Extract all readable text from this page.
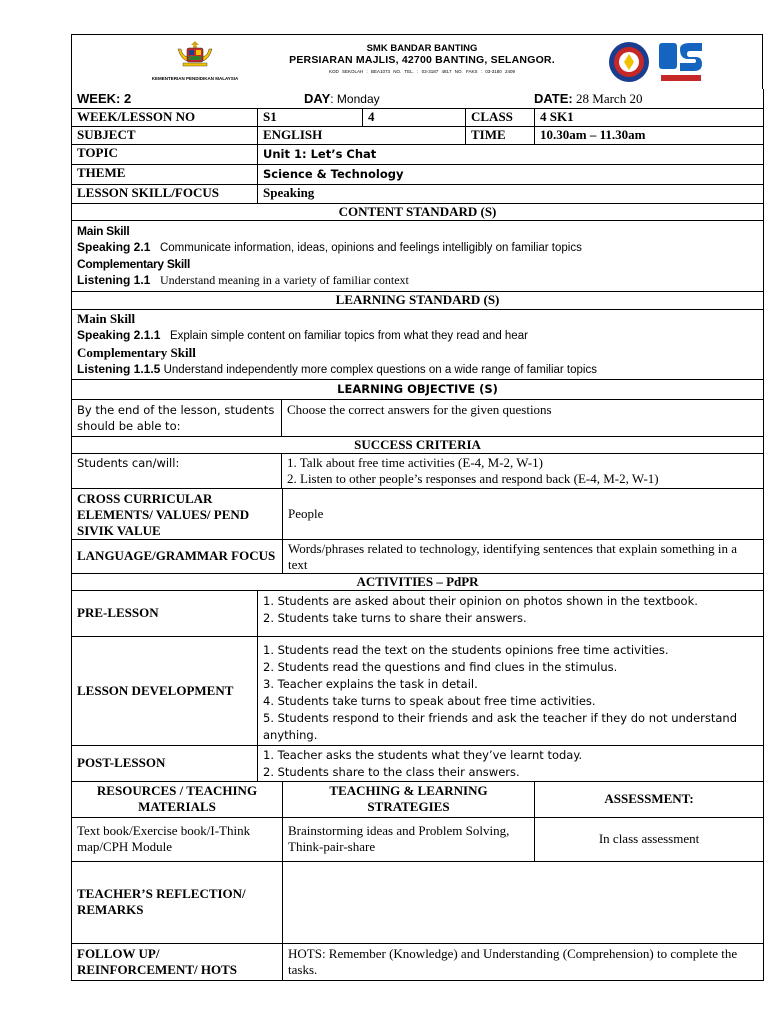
KEMENTERIAN PENDIDIKAN MALAYSIA
SMK BANDAR BANTING
PERSIARAN MAJLIS, 42700 BANTING, SELANGOR.
KOD SEKOLAH : BEA1073 NO. TEL. : 03-3187 4817 NO. FAKS : 03-3180 2409
WEEK: 2 DAY: Monday DATE: 28 March 20					

WEEK/LESSON NO	S1		4	CLASS	4 SK1
SUBJECT	ENGLISH			TIME	10.30am – 11.30am
TOPIC	Unit 1: Let’s Chat				
THEME	Science & Technology				
LESSON SKILL/FOCUS	Speaking				
CONTENT STANDARD (S)					

Main Skill
Speaking 2.1 Communicate information, ideas, opinions and feelings intelligibly on familiar topics
Complementary Skill
Listening 1.1 Understand meaning in a variety of familiar context					

LEARNING STANDARD (S)					

Main Skill
Speaking 2.1.1 Explain simple content on familiar topics from what they read and hear
Complementary Skill
Listening 1.1.5 Understand independently more complex questions on a wide range of familiar topics					

LEARNING OBJECTIVE (S)					
By the end of the lesson, students should be able to:		Choose the correct answers for the given questions			
SUCCESS CRITERIA					
Students can/will:		1. Talk about free time activities (E-4, M-2, W-1)
2. Listen to other people’s responses and respond back (E-4, M-2, W-1)			

CROSS CURRICULAR ELEMENTS/ VALUES/ PEND SIVIK VALUE		People			
LANGUAGE/GRAMMAR FOCUS		Words/phrases related to technology, identifying sentences that explain something in a text			
ACTIVITIES – PdPR					
PRE-LESSON	1. Students are asked about their opinion on photos shown in the textbook.
2. Students take turns to share their answers.				

LESSON DEVELOPMENT	1. Students read the text on the students opinions free time activities.
2. Students read the questions and find clues in the stimulus.
3. Teacher explains the task in detail.
4. Students take turns to speak about free time activities.
5. Students respond to their friends and ask the teacher if they do not understand anything.				

POST-LESSON	1. Teacher asks the students what they’ve learnt today.
2. Students share to the class their answers.				

RESOURCES / TEACHING MATERIALS		TEACHING & LEARNING STRATEGIES			ASSESSMENT:
Text book/Exercise book/I-Think map/CPH Module		Brainstorming ideas and Problem Solving, Think-pair-share			In class assessment
TEACHER’S REFLECTION/ REMARKS					
FOLLOW UP/ REINFORCEMENT/ HOTS		HOTS: Remember (Knowledge) and Understanding (Comprehension) to complete the tasks.			
